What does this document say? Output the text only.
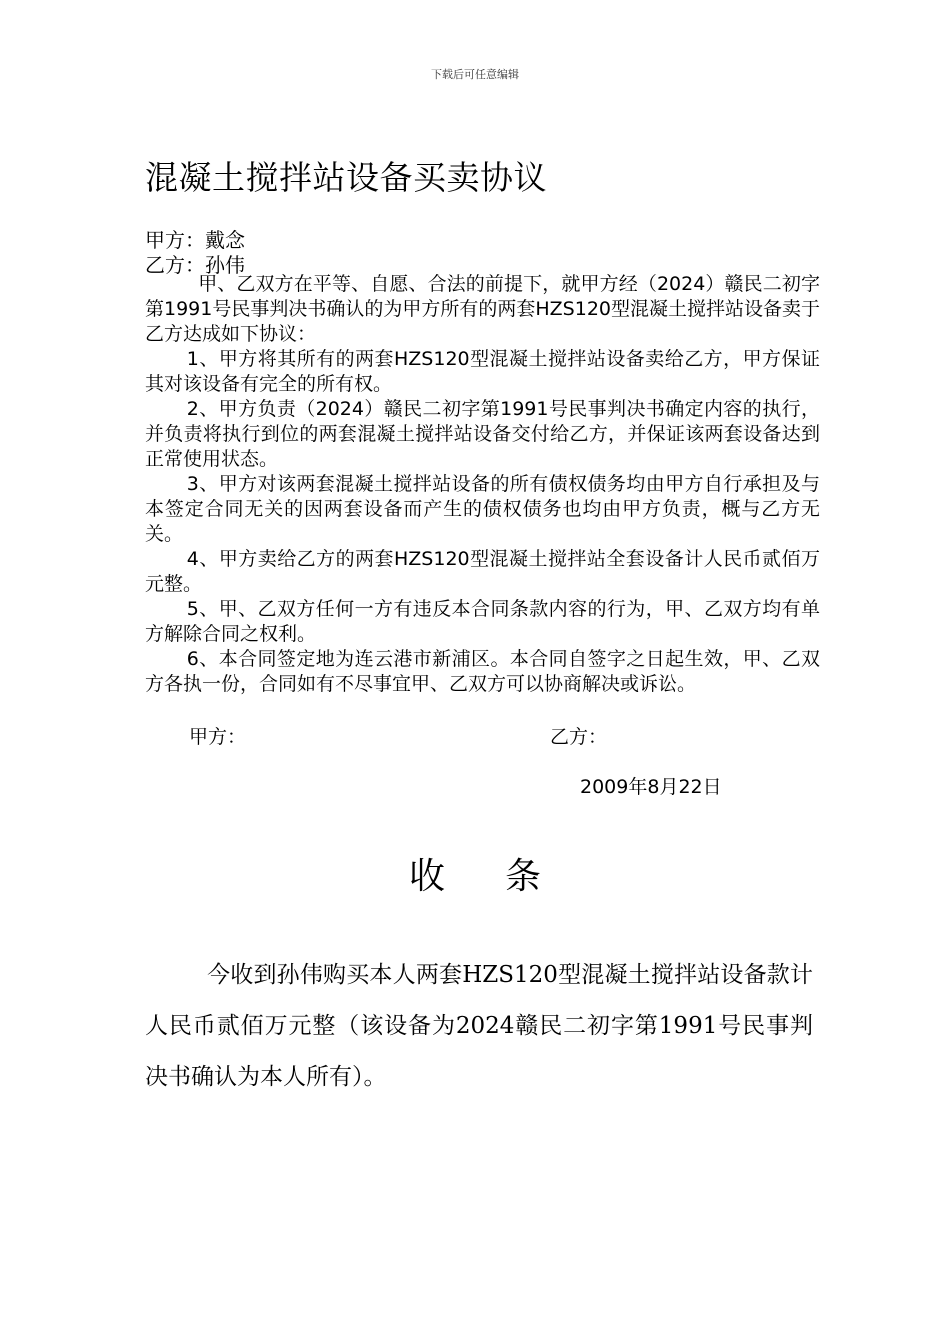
下载后可任意编辑
混凝土搅拌站设备买卖协议
甲方：戴念
乙方：孙伟

甲、乙双方在平等、自愿、合法的前提下，就甲方经（2024）赣民二初字第1991号民事判决书确认的为甲方所有的两套HZS120型混凝土搅拌站设备卖于乙方达成如下协议：

1、甲方将其所有的两套HZS120型混凝土搅拌站设备卖给乙方，甲方保证其对该设备有完全的所有权。

2、甲方负责（2024）赣民二初字第1991号民事判决书确定内容的执行，并负责将执行到位的两套混凝土搅拌站设备交付给乙方，并保证该两套设备达到正常使用状态。

3、甲方对该两套混凝土搅拌站设备的所有债权债务均由甲方自行承担及与本签定合同无关的因两套设备而产生的债权债务也均由甲方负责，概与乙方无关。

4、甲方卖给乙方的两套HZS120型混凝土搅拌站全套设备计人民币贰佰万元整。

5、甲、乙双方任何一方有违反本合同条款内容的行为，甲、乙双方均有单方解除合同之权利。

6、本合同签定地为连云港市新浦区。本合同自签字之日起生效，甲、乙双方各执一份，合同如有不尽事宜甲、乙双方可以协商解决或诉讼。

甲方：	乙方：
2009年8月22日
收条

今收到孙伟购买本人两套HZS120型混凝土搅拌站设备款计人民币贰佰万元整（该设备为2024赣民二初字第1991号民事判决书确认为本人所有）。
